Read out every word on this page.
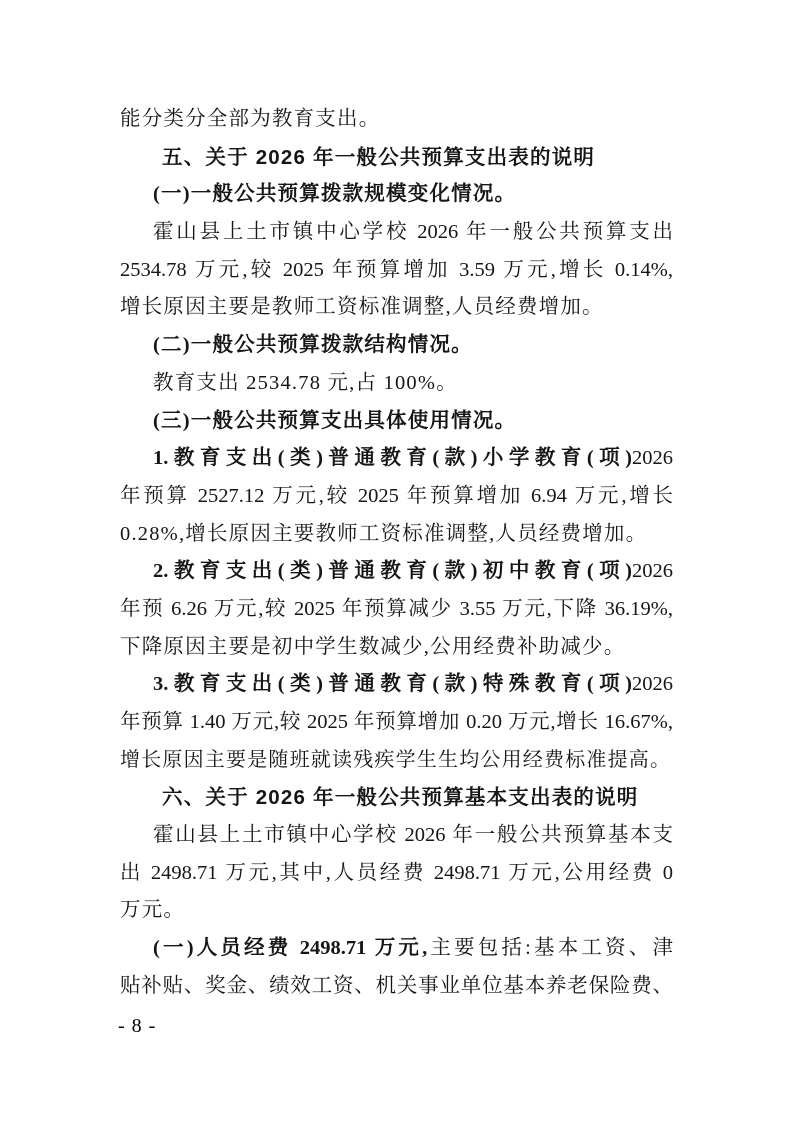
能分类分全部为教育支出。
五、关于 2026 年一般公共预算支出表的说明
(一)一般公共预算拨款规模变化情况。
霍山县上土市镇中心学校 2026 年一般公共预算支出
2534.78 万元,较 2025 年预算增加 3.59 万元,增长 0.14%,
增长原因主要是教师工资标准调整,人员经费增加。
(二)一般公共预算拨款结构情况。
教育支出 2534.78 元,占 100%。
(三)一般公共预算支出具体使用情况。
1.教育支出(类)普通教育(款)小学教育(项)2026
年预算 2527.12 万元,较 2025 年预算增加 6.94 万元,增长
0.28%,增长原因主要教师工资标准调整,人员经费增加。
2.教育支出(类)普通教育(款)初中教育(项)2026
年预 6.26 万元,较 2025 年预算减少 3.55 万元,下降 36.19%,
下降原因主要是初中学生数减少,公用经费补助减少。
3.教育支出(类)普通教育(款)特殊教育(项)2026
年预算 1.40 万元,较 2025 年预算增加 0.20 万元,增长 16.67%,
增长原因主要是随班就读残疾学生生均公用经费标准提高。
六、关于 2026 年一般公共预算基本支出表的说明
霍山县上土市镇中心学校 2026 年一般公共预算基本支
出 2498.71 万元,其中,人员经费 2498.71 万元,公用经费 0
万元。
(一)人员经费 2498.71 万元,主要包括:基本工资、津
贴补贴、奖金、绩效工资、机关事业单位基本养老保险费、
- 8 -
